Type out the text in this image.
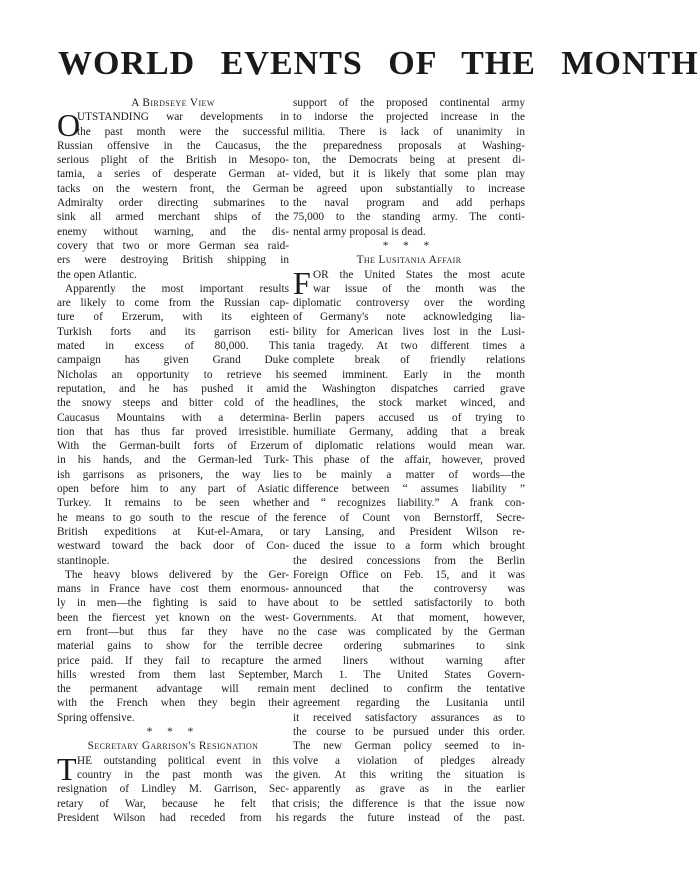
WORLD EVENTS OF THE MONTH
A Birdseye View
O
UTSTANDING war developments in
the past month were the successful
Russian offensive in the Caucasus, the
serious plight of the British in Mesopo-
tamia, a series of desperate German at-
tacks on the western front, the German
Admiralty order directing submarines to
sink all armed merchant ships of the
enemy without warning, and the dis-
covery that two or more German sea raid-
ers were destroying British shipping in
the open Atlantic.
Apparently the most important results
are likely to come from the Russian cap-
ture of Erzerum, with its eighteen
Turkish forts and its garrison esti-
mated in excess of 80,000. This
campaign has given Grand Duke
Nicholas an opportunity to retrieve his
reputation, and he has pushed it amid
the snowy steeps and bitter cold of the
Caucasus Mountains with a determina-
tion that has thus far proved irresistible.
With the German-built forts of Erzerum
in his hands, and the German-led Turk-
ish garrisons as prisoners, the way lies
open before him to any part of Asiatic
Turkey. It remains to be seen whether
he means to go south to the rescue of the
British expeditions at Kut-el-Amara, or
westward toward the back door of Con-
stantinople.
The heavy blows delivered by the Ger-
mans in France have cost them enormous-
ly in men—the fighting is said to have
been the fiercest yet known on the west-
ern front—but thus far they have no
material gains to show for the terrible
price paid. If they fail to recapture the
hills wrested from them last September,
the permanent advantage will remain
with the French when they begin their
Spring offensive.
* * *
Secretary Garrison's Resignation
T HE outstanding political event in this
country in the past month was the
resignation of Lindley M. Garrison, Sec-
retary of War, because he felt that
President Wilson had receded from his
support of the proposed continental army
to indorse the projected increase in the
militia. There is lack of unanimity in
the preparedness proposals at Washing-
ton, the Democrats being at present di-
vided, but it is likely that some plan may
be agreed upon substantially to increase
the naval program and add perhaps
75,000 to the standing army. The conti-
nental army proposal is dead.
* * *
The Lusitania Affair
F OR the United States the most acute
war issue of the month was the
diplomatic controversy over the wording
of Germany's note acknowledging lia-
bility for American lives lost in the Lusi-
tania tragedy. At two different times a
complete break of friendly relations
seemed imminent. Early in the month
the Washington dispatches carried grave
headlines, the stock market winced, and
Berlin papers accused us of trying to
humiliate Germany, adding that a break
of diplomatic relations would mean war.
This phase of the affair, however, proved
to be mainly a matter of words—the
difference between “ assumes liability ”
and “ recognizes liability.” A frank con-
ference of Count von Bernstorff, Secre-
tary Lansing, and President Wilson re-
duced the issue to a form which brought
the desired concessions from the Berlin
Foreign Office on Feb. 15, and it was
announced that the controversy was
about to be settled satisfactorily to both
Governments. At that moment, however,
the case was complicated by the German
decree ordering submarines to sink
armed liners without warning after
March 1. The United States Govern-
ment declined to confirm the tentative
agreement regarding the Lusitania until
it received satisfactory assurances as to
the course to be pursued under this order.
The new German policy seemed to in-
volve a violation of pledges already
given. At this writing the situation is
apparently as grave as in the earlier
crisis; the difference is that the issue now
regards the future instead of the past.
